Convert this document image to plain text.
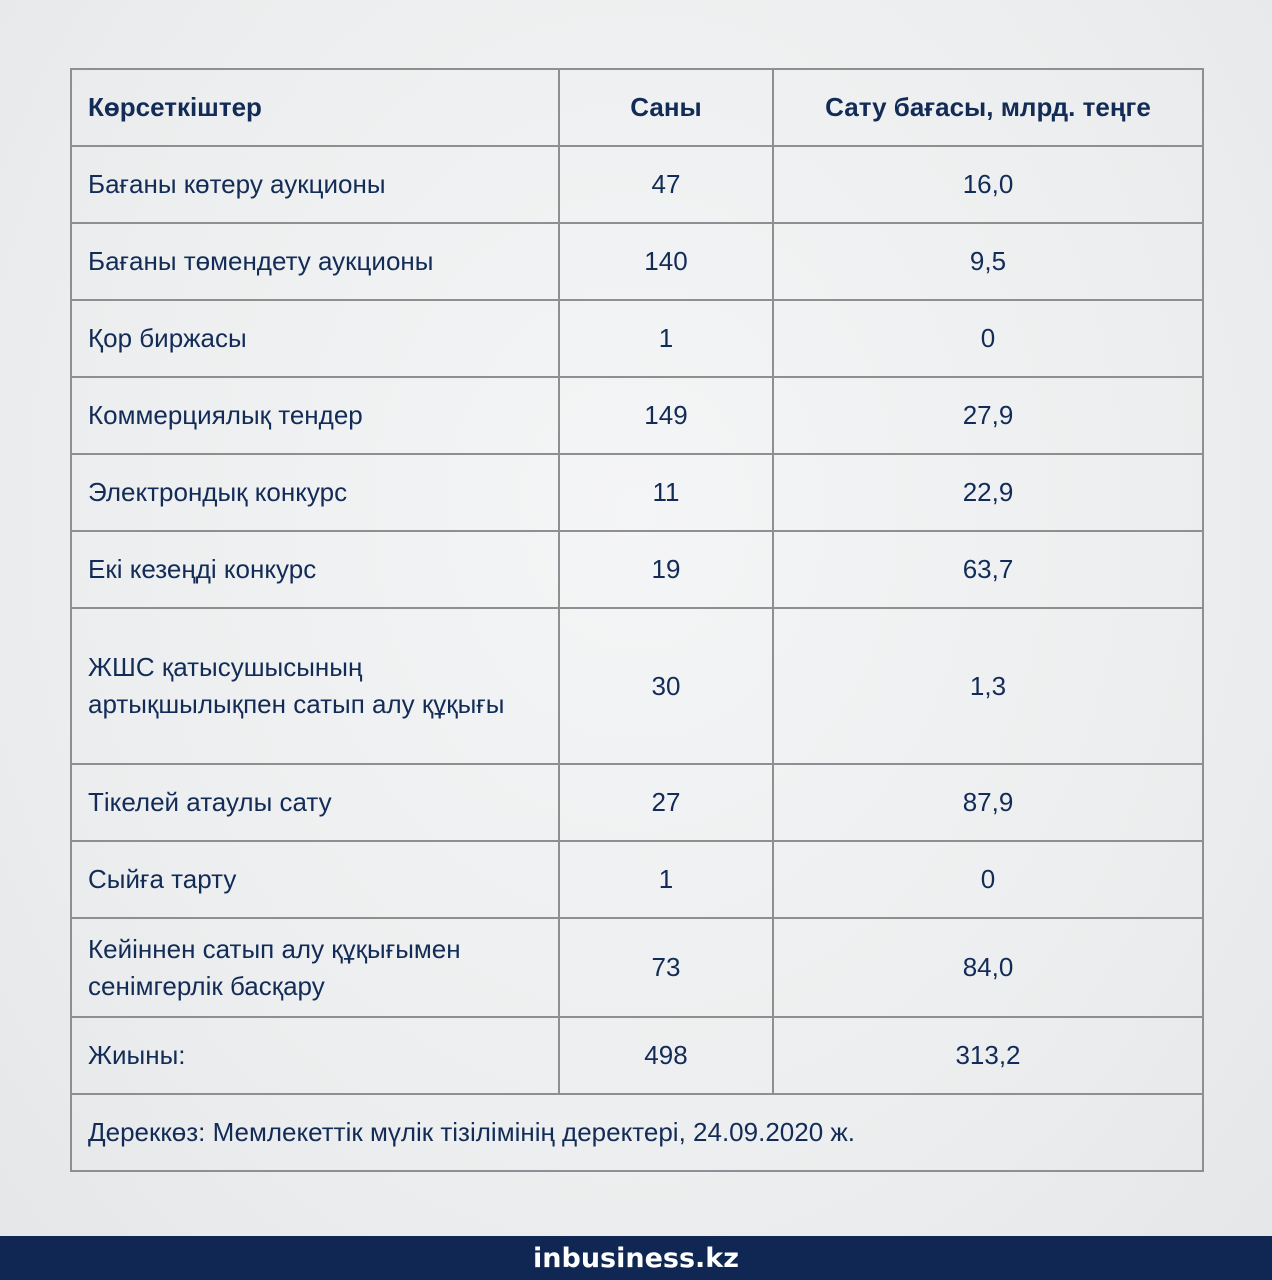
Көрсеткіштер	Саны	Сату бағасы, млрд. теңге
Бағаны көтеру аукционы	47	16,0
Бағаны төмендету аукционы	140	9,5
Қор биржасы	1	0
Коммерциялық тендер	149	27,9
Электрондық конкурс	11	22,9
Екі кезеңді конкурс	19	63,7
ЖШС қатысушысының артықшылықпен сатып алу құқығы	30	1,3
Тікелей атаулы сату	27	87,9
Сыйға тарту	1	0
Кейіннен сатып алу құқығымен сенімгерлік басқару	73	84,0
Жиыны:	498	313,2
Дереккөз: Мемлекеттік мүлік тізілімінің деректері, 24.09.2020 ж.		
inbusiness.kz
